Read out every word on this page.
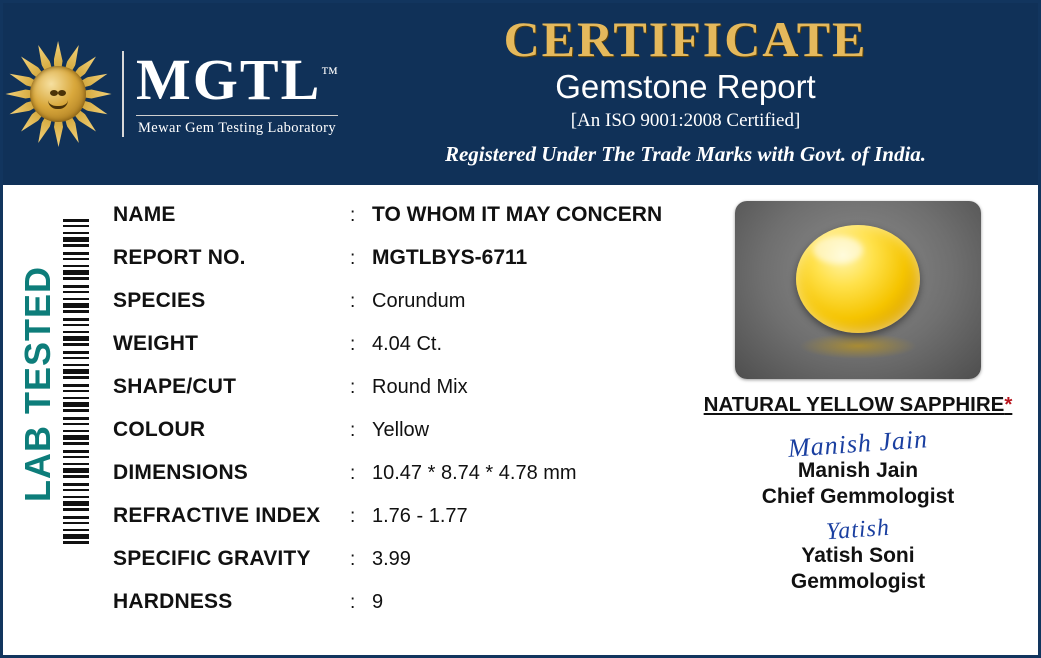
MGTL™
Mewar Gem Testing Laboratory
CERTIFICATE
Gemstone Report
[An ISO 9001:2008 Certified]
Registered Under The Trade Marks with Govt. of India.
LAB TESTED
NAME	: TO WHOM IT MAY CONCERN
REPORT NO.	: MGTLBYS-6711
SPECIES	: Corundum
WEIGHT	: 4.04 Ct.
SHAPE/CUT	: Round Mix
COLOUR	: Yellow
DIMENSIONS	: 10.47 * 8.74 * 4.78 mm
REFRACTIVE INDEX	: 1.76 - 1.77
SPECIFIC GRAVITY	: 3.99
HARDNESS	: 9
NATURAL YELLOW SAPPHIRE*
Manish Jain
Manish Jain
Chief Gemmologist
Yatish
Yatish Soni
Gemmologist
